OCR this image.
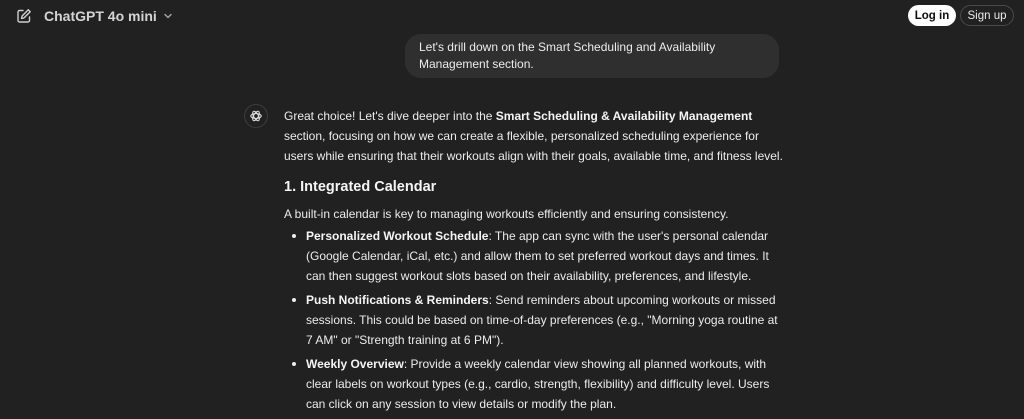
ChatGPT 4o mini	Log in	Sign up
Let's drill down on the Smart Scheduling and Availability Management section.

Great choice! Let's dive deeper into the Smart Scheduling & Availability Management section, focusing on how we can create a flexible, personalized scheduling experience for users while ensuring that their workouts align with their goals, available time, and fitness level.

1. Integrated Calendar

A built-in calendar is key to managing workouts efficiently and ensuring consistency.

Personalized Workout Schedule: The app can sync with the user's personal calendar (Google Calendar, iCal, etc.) and allow them to set preferred workout days and times. It can then suggest workout slots based on their availability, preferences, and lifestyle.
Push Notifications & Reminders: Send reminders about upcoming workouts or missed sessions. This could be based on time-of-day preferences (e.g., "Morning yoga routine at 7 AM" or "Strength training at 6 PM").
Weekly Overview: Provide a weekly calendar view showing all planned workouts, with clear labels on workout types (e.g., cardio, strength, flexibility) and difficulty level. Users can click on any session to view details or modify the plan.
